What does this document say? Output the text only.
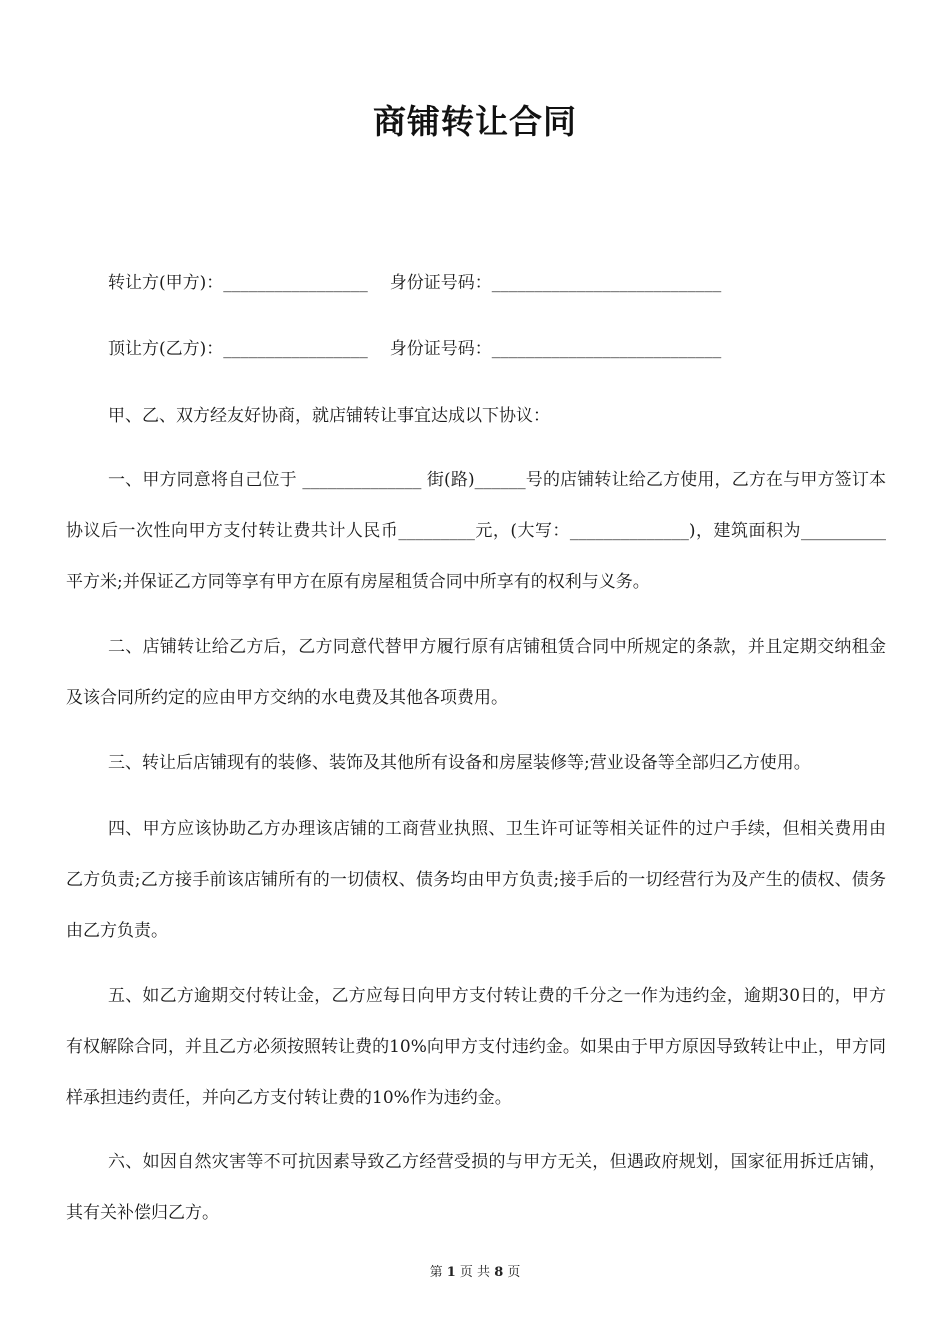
商铺转让合同
转让方(甲方)：_________________ 身份证号码：___________________________
顶让方(乙方)：_________________ 身份证号码：___________________________

甲、乙、双方经友好协商，就店铺转让事宜达成以下协议：

一、甲方同意将自己位于 ______________ 街(路)______号的店铺转让给乙方使用，乙方在与甲方签订本协议后一次性向甲方支付转让费共计人民币_________元，(大写：______________)，建筑面积为__________平方米;并保证乙方同等享有甲方在原有房屋租赁合同中所享有的权利与义务。

二、店铺转让给乙方后，乙方同意代替甲方履行原有店铺租赁合同中所规定的条款，并且定期交纳租金及该合同所约定的应由甲方交纳的水电费及其他各项费用。

三、转让后店铺现有的装修、装饰及其他所有设备和房屋装修等;营业设备等全部归乙方使用。

四、甲方应该协助乙方办理该店铺的工商营业执照、卫生许可证等相关证件的过户手续，但相关费用由乙方负责;乙方接手前该店铺所有的一切债权、债务均由甲方负责;接手后的一切经营行为及产生的债权、债务由乙方负责。

五、如乙方逾期交付转让金，乙方应每日向甲方支付转让费的千分之一作为违约金，逾期30日的，甲方有权解除合同，并且乙方必须按照转让费的10%向甲方支付违约金。如果由于甲方原因导致转让中止，甲方同样承担违约责任，并向乙方支付转让费的10%作为违约金。

六、如因自然灾害等不可抗因素导致乙方经营受损的与甲方无关，但遇政府规划，国家征用拆迁店铺，其有关补偿归乙方。

第 1 页 共 8 页
